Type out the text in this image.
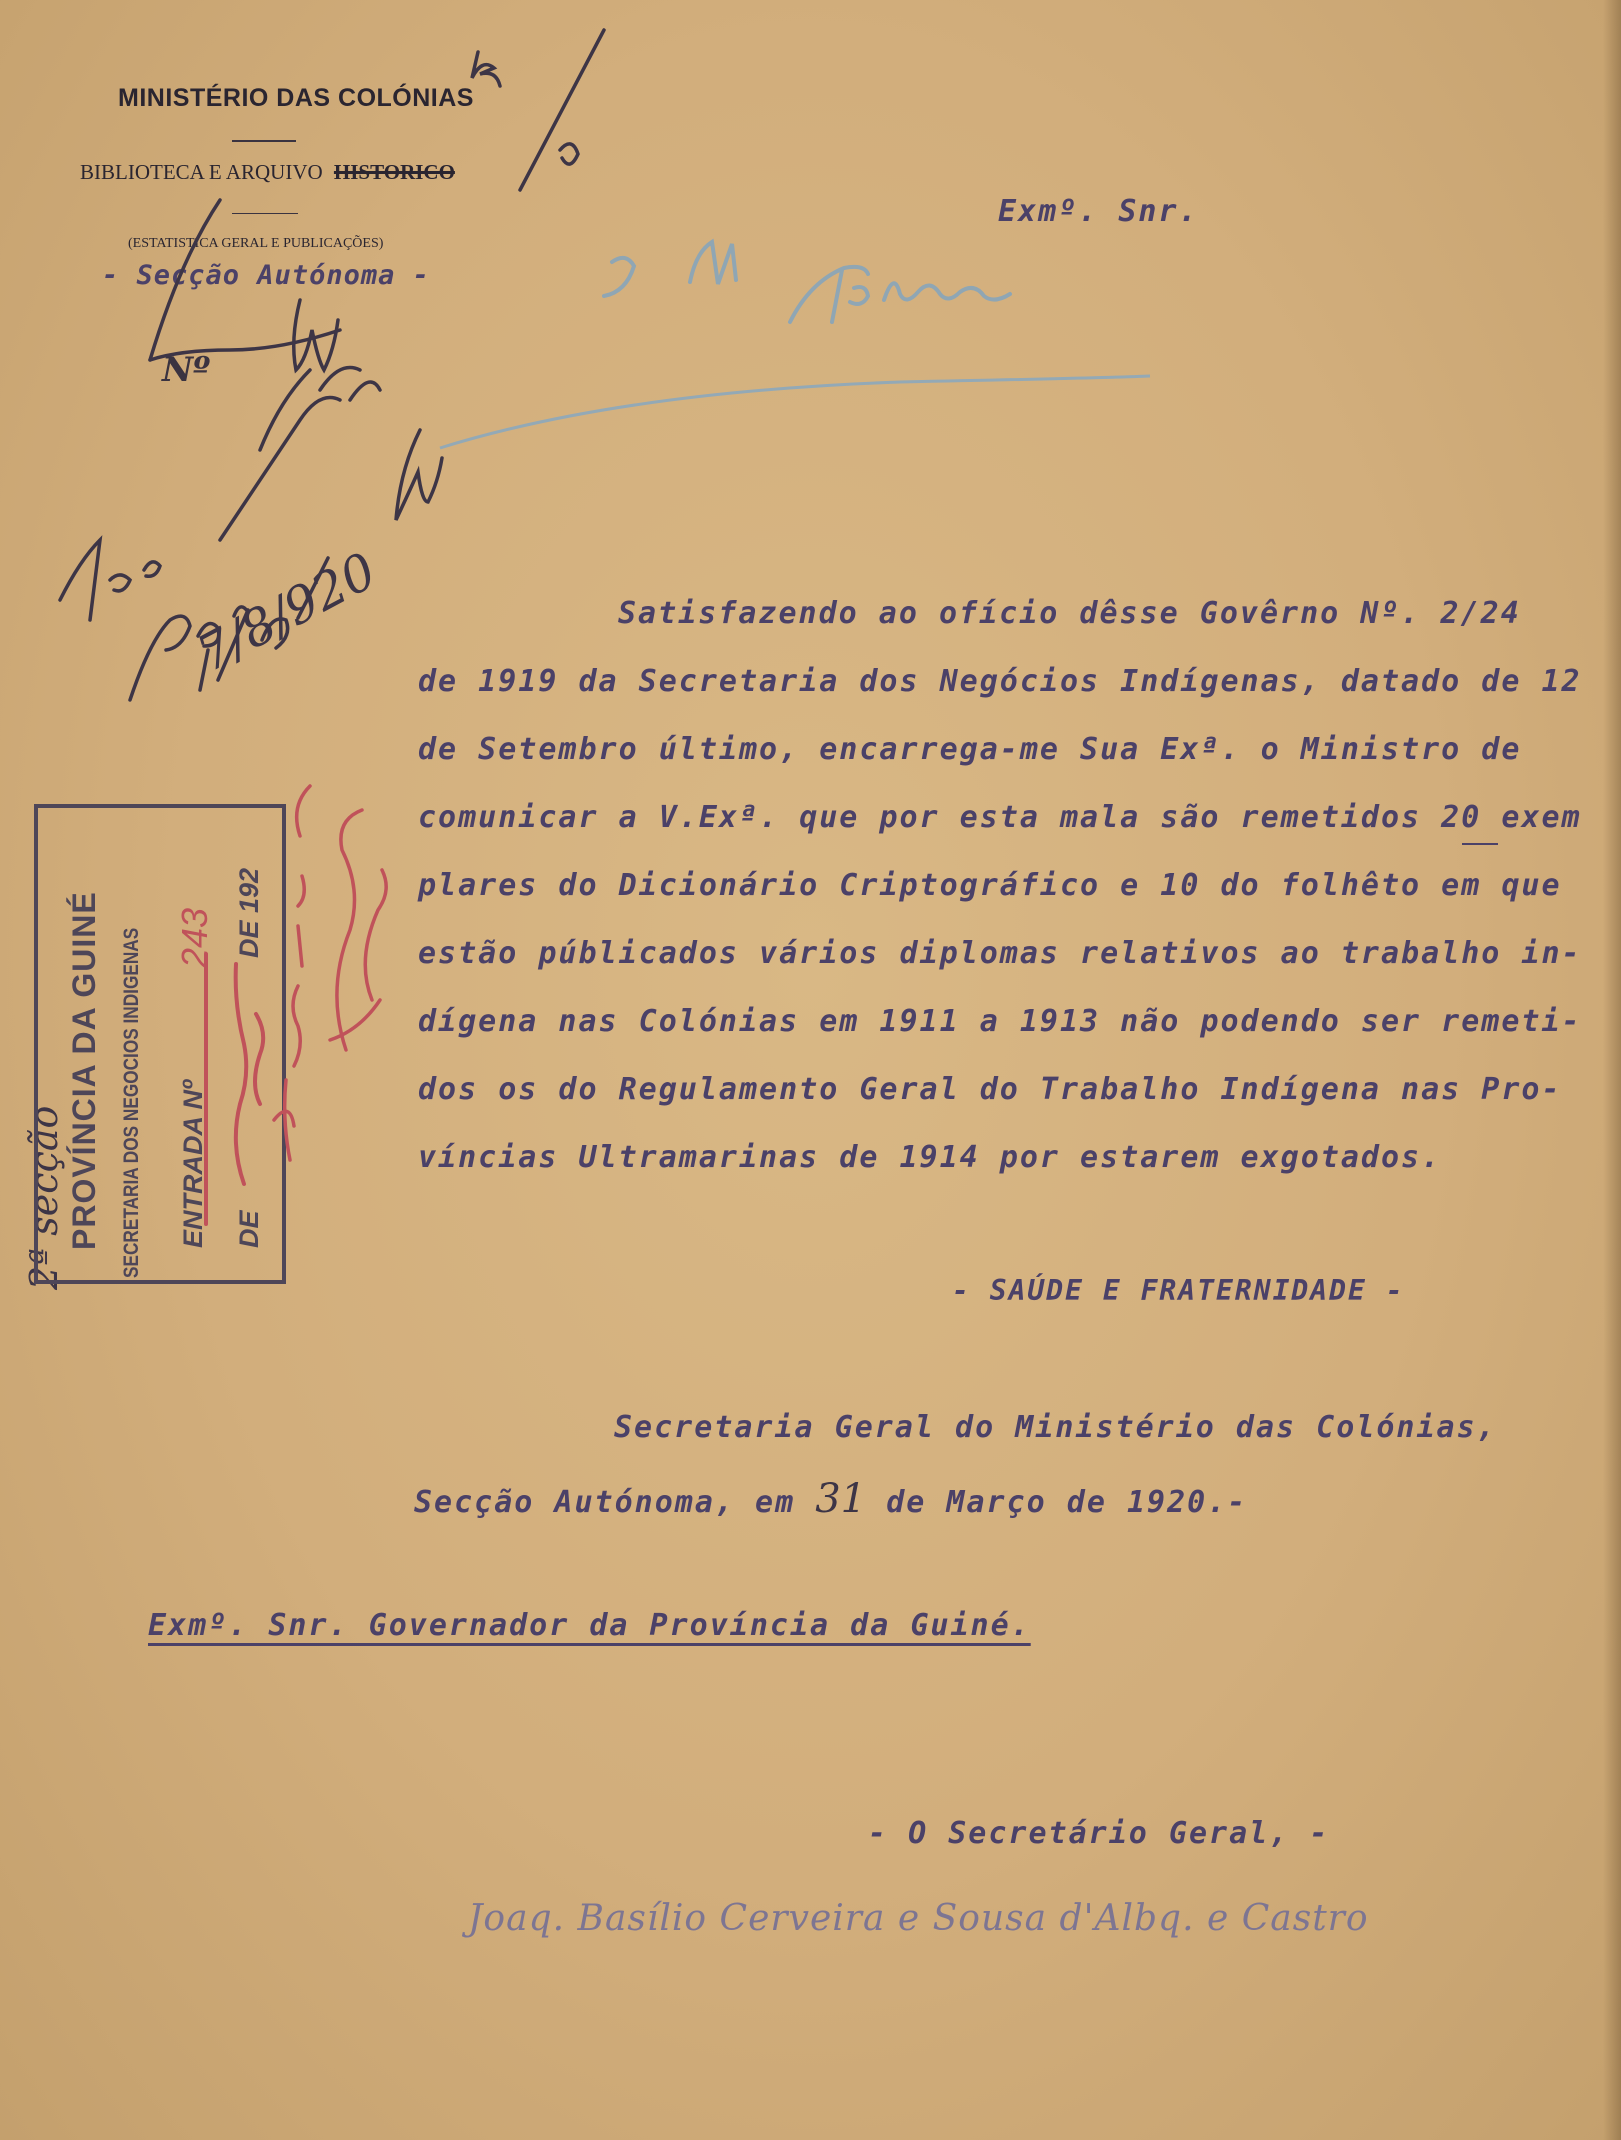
MINISTÉRIO DAS COLÓNIAS
BIBLIOTECA E ARQUIVO HISTORICO
(ESTATISTICA GERAL E PUBLICAÇÕES)
- Secção Autónoma -
Nº
Exmº. Snr.
7/8/920
2ª secção PROVÍNCIA DA GUINÉ SECRETARIA DOS NEGOCIOS INDIGENAS ENTRADA Nº
243
DE
DE 192
Satisfazendo ao ofício dêsse Govêrno Nº. 2/24
de 1919 da Secretaria dos Negócios Indígenas, datado de 12
de Setembro último, encarrega-me Sua Exª. o Ministro de
comunicar a V.Exª. que por esta mala são remetidos 20 exem
plares do Dicionário Criptográfico e 10 do folhêto em que
estão públicados vários diplomas relativos ao trabalho in-
dígena nas Colónias em 1911 a 1913 não podendo ser remeti-
dos os do Regulamento Geral do Trabalho Indígena nas Pro-
víncias Ultramarinas de 1914 por estarem exgotados.
- SAÚDE E FRATERNIDADE -
Secretaria Geral do Ministério das Colónias,
Secção Autónoma, em 31 de Março de 1920.-
Exmº. Snr. Governador da Província da Guiné.
- O Secretário Geral, -
Joaq. Basílio Cerveira e Sousa d'Albq. e Castro
